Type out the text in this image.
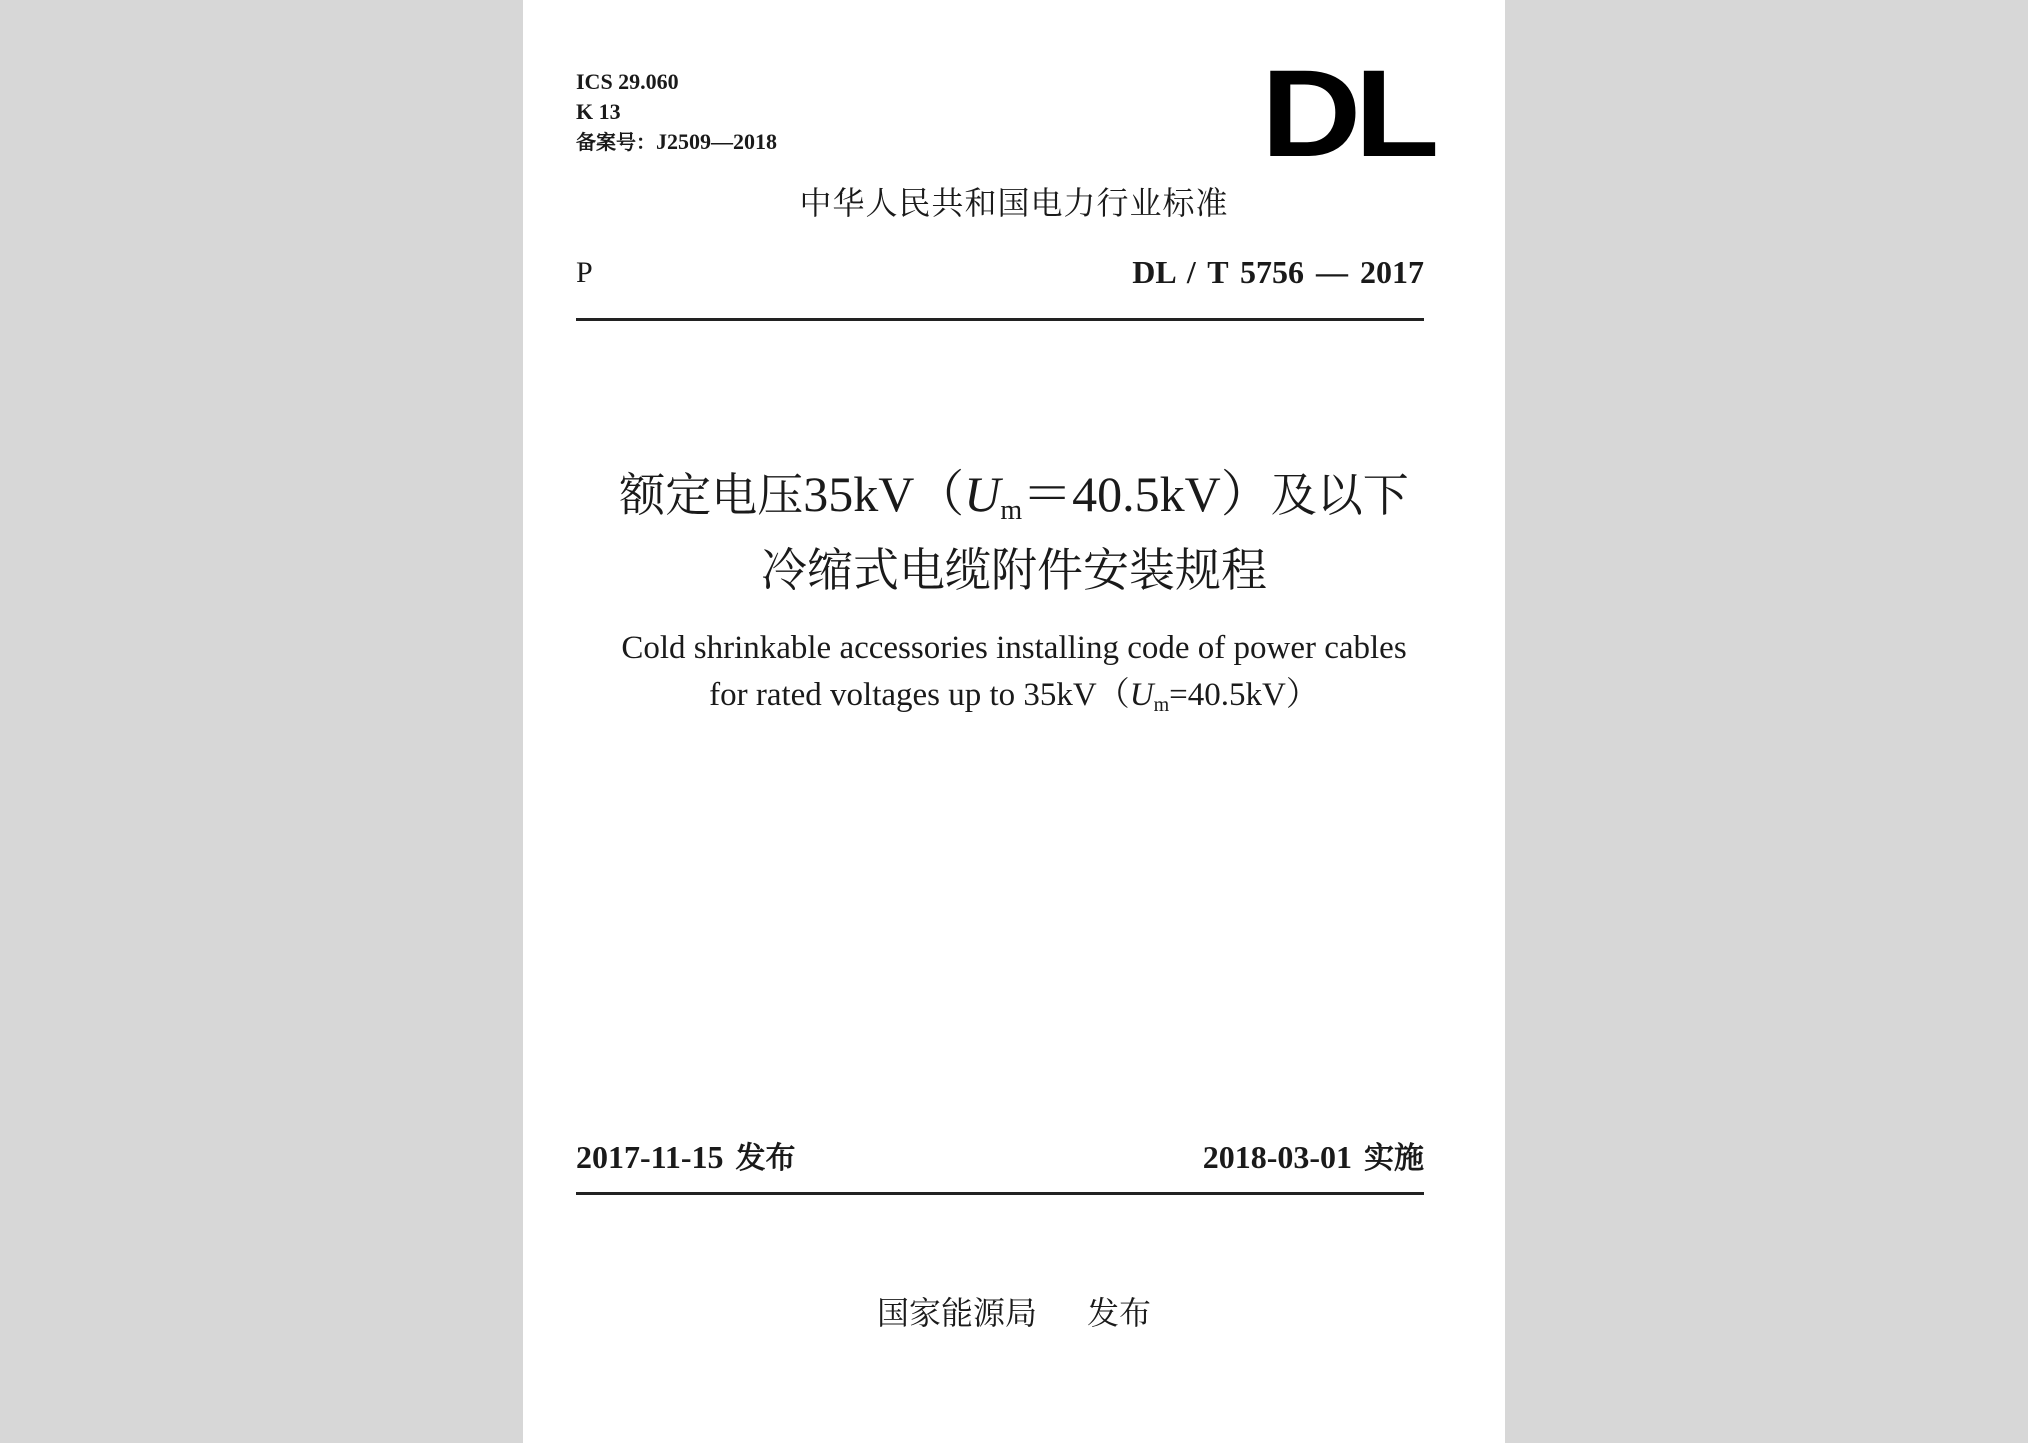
ICS 29.060
K 13
备案号：J2509—2018	DL
中华人民共和国电力行业标准
P	DL / T 5756 — 2017
额定电压$35kV(U_m=40.5kV)$及以下
冷缩式电缆附件安装规程
Cold shrinkable accessories installing code of power cables
for rated voltages up to $35kV(U_m=40.5kV)$
2017-11-15 发布	2018-03-01 实施
国家能源局 发布
